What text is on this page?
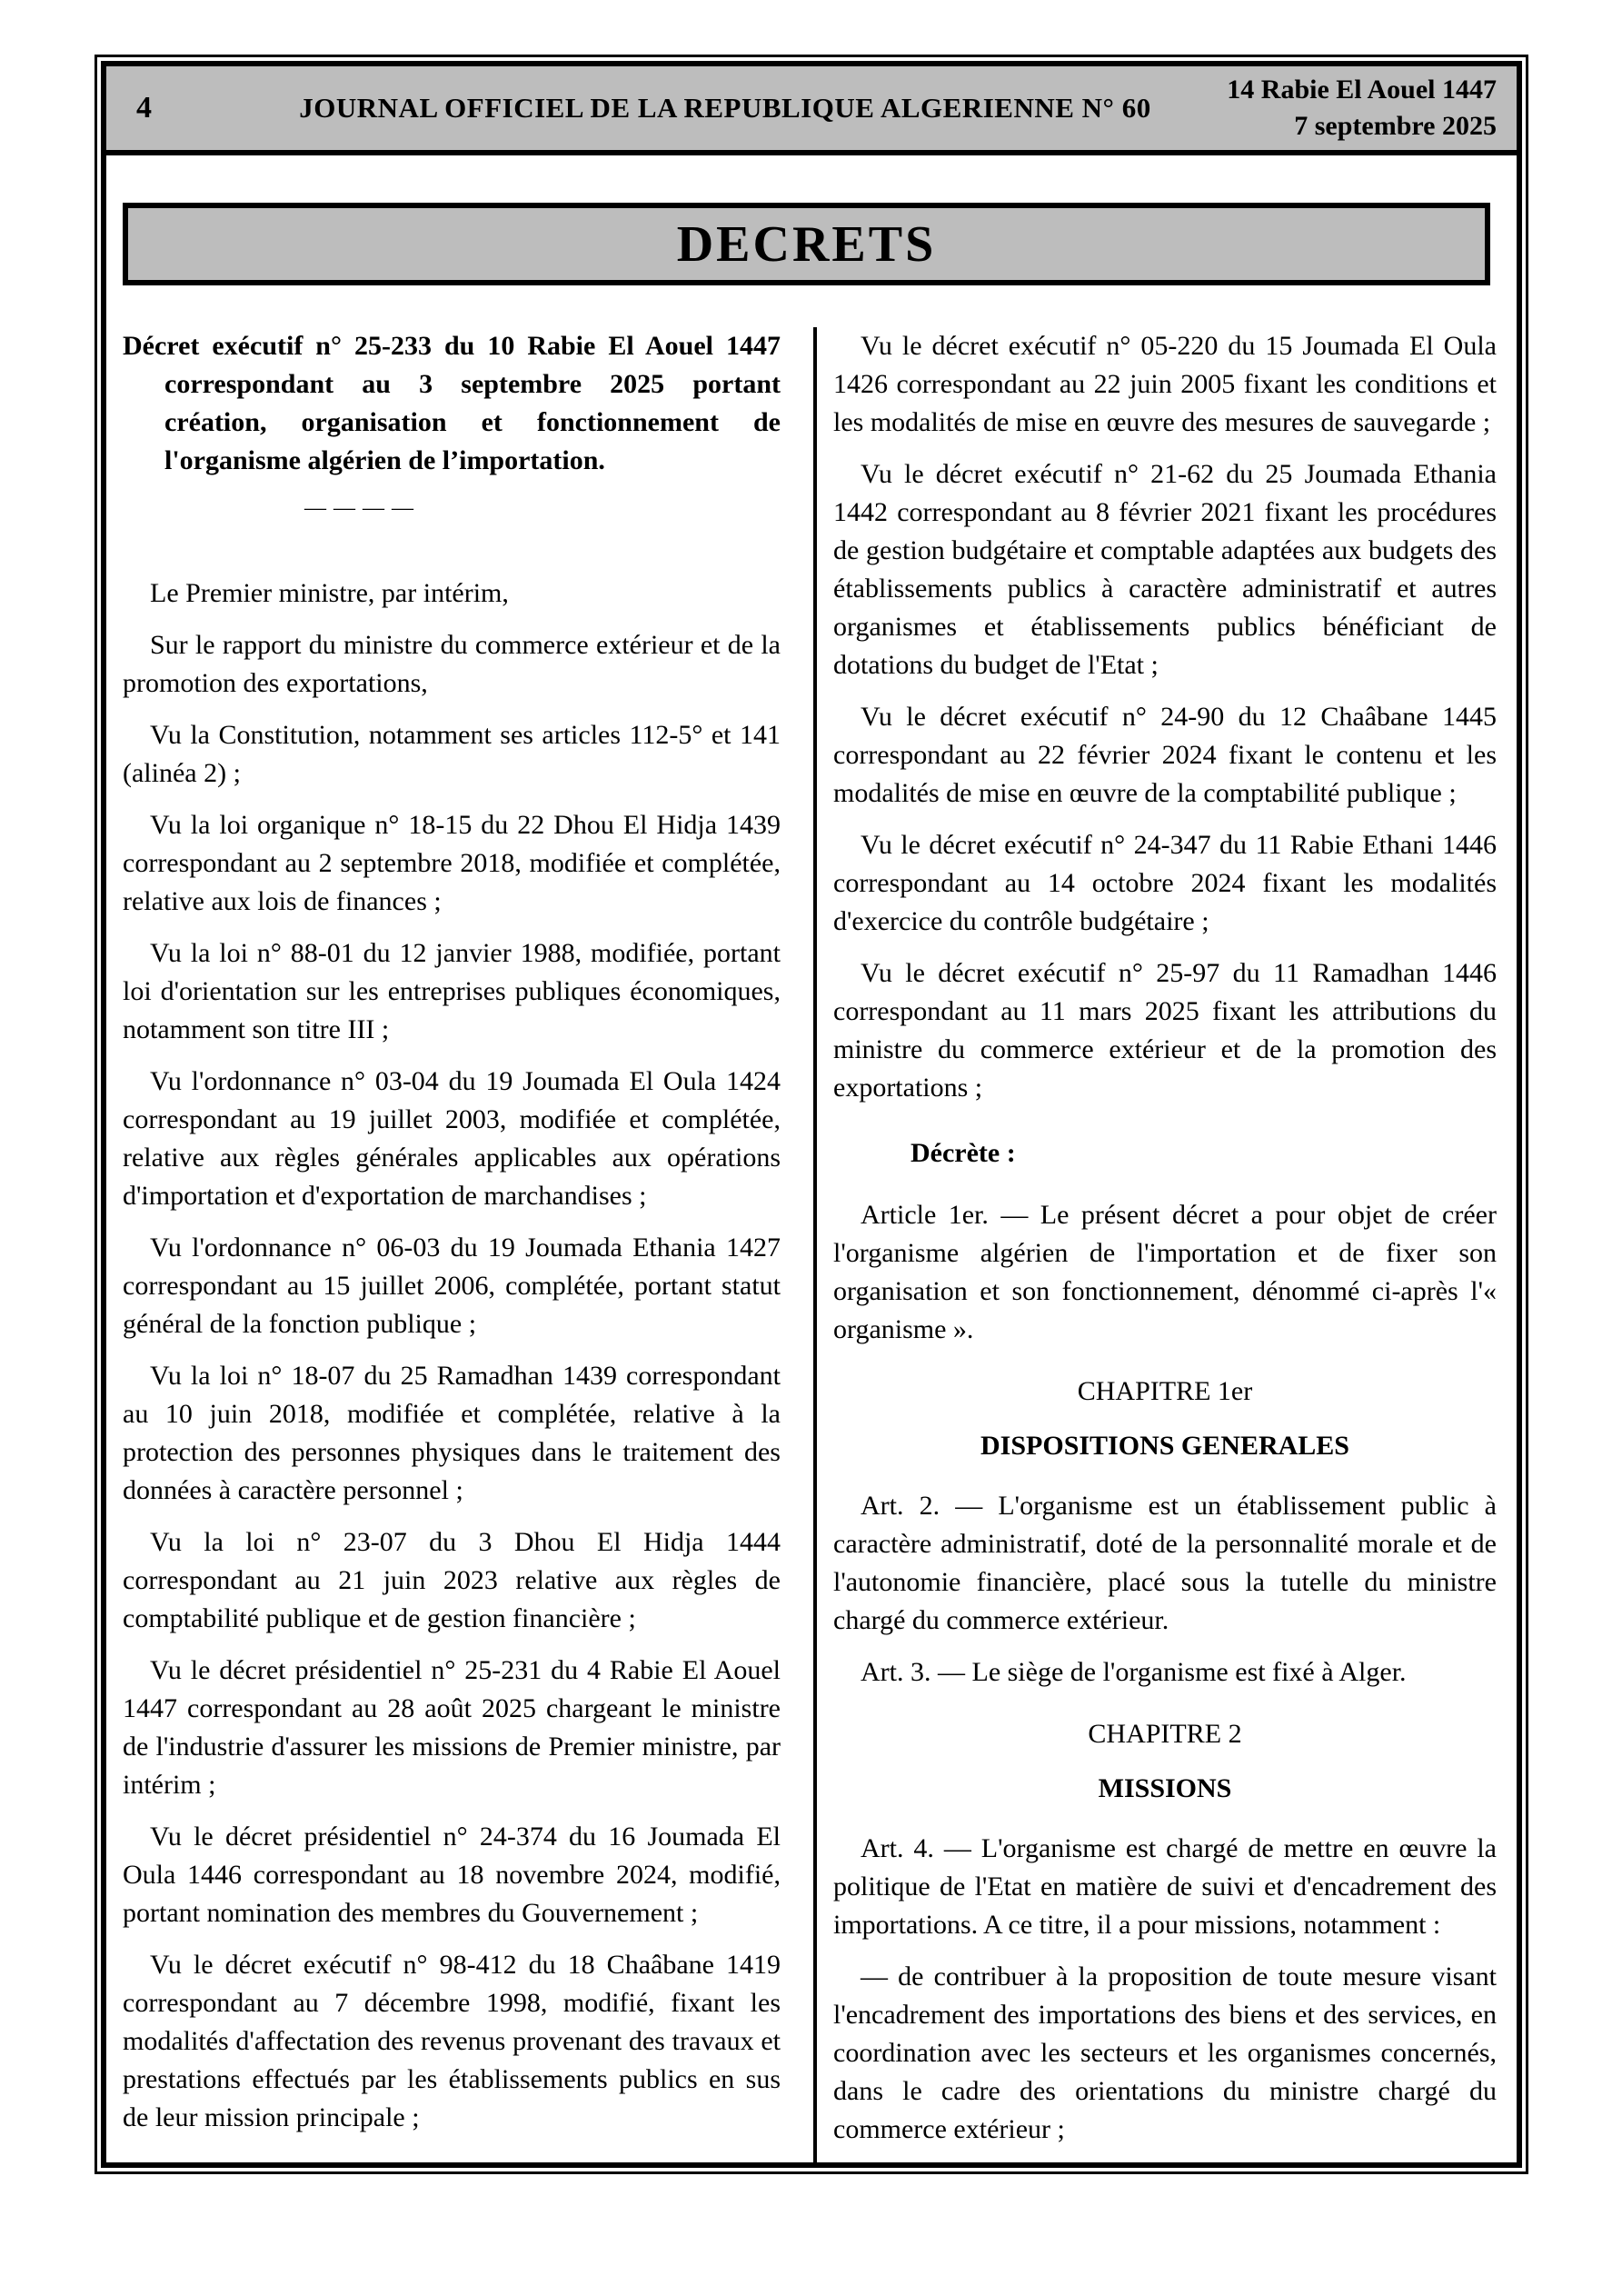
4	JOURNAL OFFICIEL DE LA REPUBLIQUE ALGERIENNE N° 60
14 Rabie El Aouel 1447
7 septembre 2025
DECRETS

Décret exécutif n° 25-233 du 10 Rabie El Aouel 1447 correspondant au 3 septembre 2025 portant création, organisation et fonctionnement de l'organisme algérien de l’importation.

— — — —

Le Premier ministre, par intérim,

Sur le rapport du ministre du commerce extérieur et de la promotion des exportations,

Vu la Constitution, notamment ses articles 112-5° et 141 (alinéa 2) ;

Vu la loi organique n° 18-15 du 22 Dhou El Hidja 1439 correspondant au 2 septembre 2018, modifiée et complétée, relative aux lois de finances ;

Vu la loi n° 88-01 du 12 janvier 1988, modifiée, portant loi d'orientation sur les entreprises publiques économiques, notamment son titre III ;

Vu l'ordonnance n° 03-04 du 19 Joumada El Oula 1424 correspondant au 19 juillet 2003, modifiée et complétée, relative aux règles générales applicables aux opérations d'importation et d'exportation de marchandises ;

Vu l'ordonnance n° 06-03 du 19 Joumada Ethania 1427 correspondant au 15 juillet 2006, complétée, portant statut général de la fonction publique ;

Vu la loi n° 18-07 du 25 Ramadhan 1439 correspondant au 10 juin 2018, modifiée et complétée, relative à la protection des personnes physiques dans le traitement des données à caractère personnel ;

Vu la loi n° 23-07 du 3 Dhou El Hidja 1444 correspondant au 21 juin 2023 relative aux règles de comptabilité publique et de gestion financière ;

Vu le décret présidentiel n° 25-231 du 4 Rabie El Aouel 1447 correspondant au 28 août 2025 chargeant le ministre de l'industrie d'assurer les missions de Premier ministre, par intérim ;

Vu le décret présidentiel n° 24-374 du 16 Joumada El Oula 1446 correspondant au 18 novembre 2024, modifié, portant nomination des membres du Gouvernement ;

Vu le décret exécutif n° 98-412 du 18 Chaâbane 1419 correspondant au 7 décembre 1998, modifié, fixant les modalités d'affectation des revenus provenant des travaux et prestations effectués par les établissements publics en sus de leur mission principale ;

Vu le décret exécutif n° 05-220 du 15 Joumada El Oula 1426 correspondant au 22 juin 2005 fixant les conditions et les modalités de mise en œuvre des mesures de sauvegarde ;

Vu le décret exécutif n° 21-62 du 25 Joumada Ethania 1442 correspondant au 8 février 2021 fixant les procédures de gestion budgétaire et comptable adaptées aux budgets des établissements publics à caractère administratif et autres organismes et établissements publics bénéficiant de dotations du budget de l'Etat ;

Vu le décret exécutif n° 24-90 du 12 Chaâbane 1445 correspondant au 22 février 2024 fixant le contenu et les modalités de mise en œuvre de la comptabilité publique ;

Vu le décret exécutif n° 24-347 du 11 Rabie Ethani 1446 correspondant au 14 octobre 2024 fixant les modalités d'exercice du contrôle budgétaire ;

Vu le décret exécutif n° 25-97 du 11 Ramadhan 1446 correspondant au 11 mars 2025 fixant les attributions du ministre du commerce extérieur et de la promotion des exportations ;

Décrète :

Article 1er. — Le présent décret a pour objet de créer l'organisme algérien de l'importation et de fixer son organisation et son fonctionnement, dénommé ci-après l'« organisme ».

CHAPITRE 1er

DISPOSITIONS GENERALES

Art. 2. — L'organisme est un établissement public à caractère administratif, doté de la personnalité morale et de l'autonomie financière, placé sous la tutelle du ministre chargé du commerce extérieur.

Art. 3. — Le siège de l'organisme est fixé à Alger.

CHAPITRE 2

MISSIONS

Art. 4. — L'organisme est chargé de mettre en œuvre la politique de l'Etat en matière de suivi et d'encadrement des importations. A ce titre, il a pour missions, notamment :

— de contribuer à la proposition de toute mesure visant l'encadrement des importations des biens et des services, en coordination avec les secteurs et les organismes concernés, dans le cadre des orientations du ministre chargé du commerce extérieur ;
